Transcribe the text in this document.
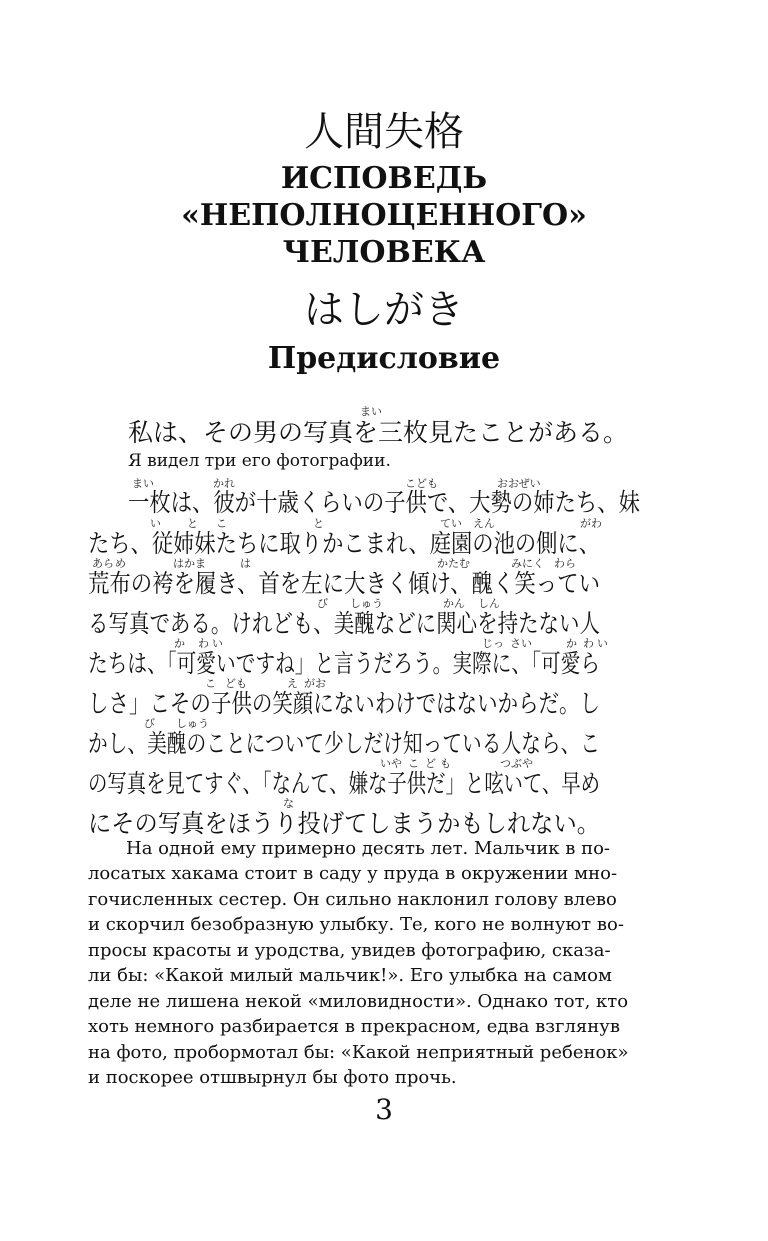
人間失格
ИСПОВЕДЬ
«НЕПОЛНОЦЕННОГО»
ЧЕЛОВЕКА
はしがき
Предисловие
まい
私は、その男の写真を三枚見たことがある。
Я видел три его фотографии.
まい	かれ	こども	おおぜい
一枚は、彼が十歳くらいの子供で、大勢の姉たち、妹
い と こ	と	てい えん	がわ
たち、従姉妹たちに取りかこまれ、庭園の池の側に、
あら め	はかま	は	かたむ	みにく わら
荒布の袴を履き、首を左に大きく傾け、醜く笑ってい
び しゅう	かん しん
る写真である。けれども、美醜などに関心を持たない人
か わ い	じっ さい	か わ い
たちは、「可愛いですね」と言うだろう。実際に、「可愛ら
こ ども	え がお
しさ」こその子供の笑顔にないわけではないからだ。し
び しゅう
かし、美醜のことについて少しだけ知っている人なら、こ
いや こ ど も	つぶや
の写真を見てすぐ、「なんて、嫌な子供だ」と呟いて、早め
な
にその写真をほうり投げてしまうかもしれない。
На одной ему примерно десять лет. Мальчик в по-
лосатых хакама стоит в саду у пруда в окружении мно-
гочисленных сестер. Он сильно наклонил голову влево
и скорчил безобразную улыбку. Те, кого не волнуют во-
просы красоты и уродства, увидев фотографию, сказа-
ли бы: «Какой милый мальчик!». Его улыбка на самом
деле не лишена некой «миловидности». Однако тот, кто
хоть немного разбирается в прекрасном, едва взглянув
на фото, пробормотал бы: «Какой неприятный ребенок»
и поскорее отшвырнул бы фото прочь.
3
